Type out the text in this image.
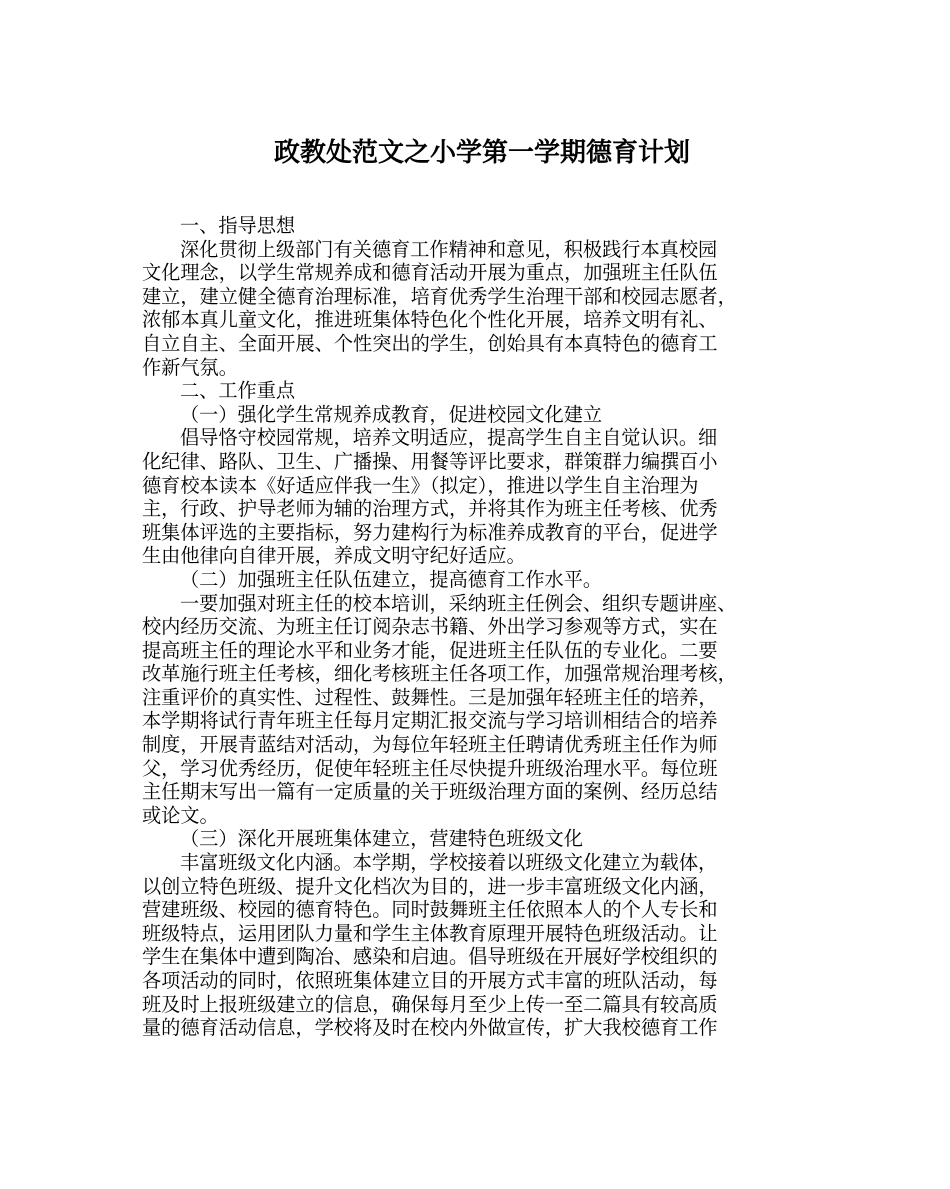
政教处范文之小学第一学期德育计划

一、指导思想

深化贯彻上级部门有关德育工作精神和意见，积极践行本真校园

文化理念，以学生常规养成和德育活动开展为重点，加强班主任队伍

建立，建立健全德育治理标准，培育优秀学生治理干部和校园志愿者，

浓郁本真儿童文化，推进班集体特色化个性化开展，培养文明有礼、

自立自主、全面开展、个性突出的学生，创始具有本真特色的德育工

作新气氛。

二、工作重点

（一）强化学生常规养成教育，促进校园文化建立

倡导恪守校园常规，培养文明适应，提高学生自主自觉认识。细

化纪律、路队、卫生、广播操、用餐等评比要求，群策群力编撰百小

德育校本读本《好适应伴我一生》（拟定），推进以学生自主治理为

主，行政、护导老师为辅的治理方式，并将其作为班主任考核、优秀

班集体评选的主要指标，努力建构行为标准养成教育的平台，促进学

生由他律向自律开展，养成文明守纪好适应。

（二）加强班主任队伍建立，提高德育工作水平。

一要加强对班主任的校本培训，采纳班主任例会、组织专题讲座、

校内经历交流、为班主任订阅杂志书籍、外出学习参观等方式，实在

提高班主任的理论水平和业务才能，促进班主任队伍的专业化。二要

改革施行班主任考核，细化考核班主任各项工作，加强常规治理考核，

注重评价的真实性、过程性、鼓舞性。三是加强年轻班主任的培养，

本学期将试行青年班主任每月定期汇报交流与学习培训相结合的培养

制度，开展青蓝结对活动，为每位年轻班主任聘请优秀班主任作为师

父，学习优秀经历，促使年轻班主任尽快提升班级治理水平。每位班

主任期末写出一篇有一定质量的关于班级治理方面的案例、经历总结

或论文。

（三）深化开展班集体建立，营建特色班级文化

丰富班级文化内涵。本学期，学校接着以班级文化建立为载体，

以创立特色班级、提升文化档次为目的，进一步丰富班级文化内涵，

营建班级、校园的德育特色。同时鼓舞班主任依照本人的个人专长和

班级特点，运用团队力量和学生主体教育原理开展特色班级活动。让

学生在集体中遭到陶冶、感染和启迪。倡导班级在开展好学校组织的

各项活动的同时，依照班集体建立目的开展方式丰富的班队活动，每

班及时上报班级建立的信息，确保每月至少上传一至二篇具有较高质

量的德育活动信息，学校将及时在校内外做宣传，扩大我校德育工作
